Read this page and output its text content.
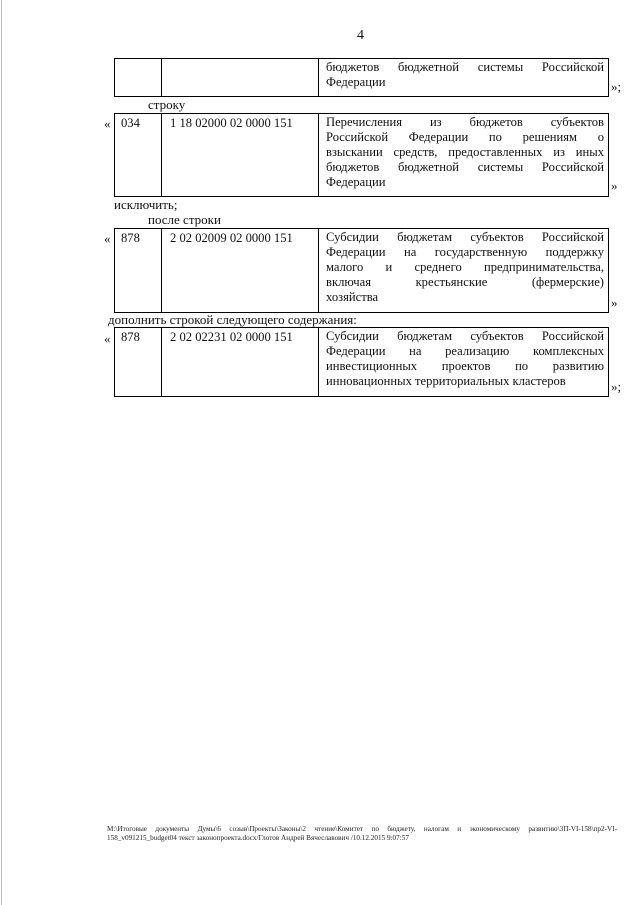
4
бюджетов бюджетной системы Российской
Федерации	»;
строку
« 034	1 18 02000 02 0000 151	Перечисления из бюджетов субъектов
Российской Федерации по решениям о
взыскании средств, предоставленных из иных
бюджетов бюджетной системы Российской
Федерации	»
исключить;
после строки
« 878	2 02 02009 02 0000 151	Субсидии бюджетам субъектов Российской
Федерации на государственную поддержку
малого и среднего предпринимательства,
включая крестьянские (фермерские)
хозяйства	»
дополнить строкой следующего содержания:
« 878	2 02 02231 02 0000 151	Субсидии бюджетам субъектов Российской
Федерации на реализацию комплексных
инвестиционных проектов по развитию
инновационных территориальных кластеров	»;
M:\Итоговые документы Думы\6 созыв\Проекты\Законы\2 чтение\Комитет по бюджету, налогам и экономическому развитию\3П-VI-158\пр2-VI-
158_v091215_budget04 текст законопроекта.docx/Глотов Андрей Вячеславович /10.12.2015 9:07:57
